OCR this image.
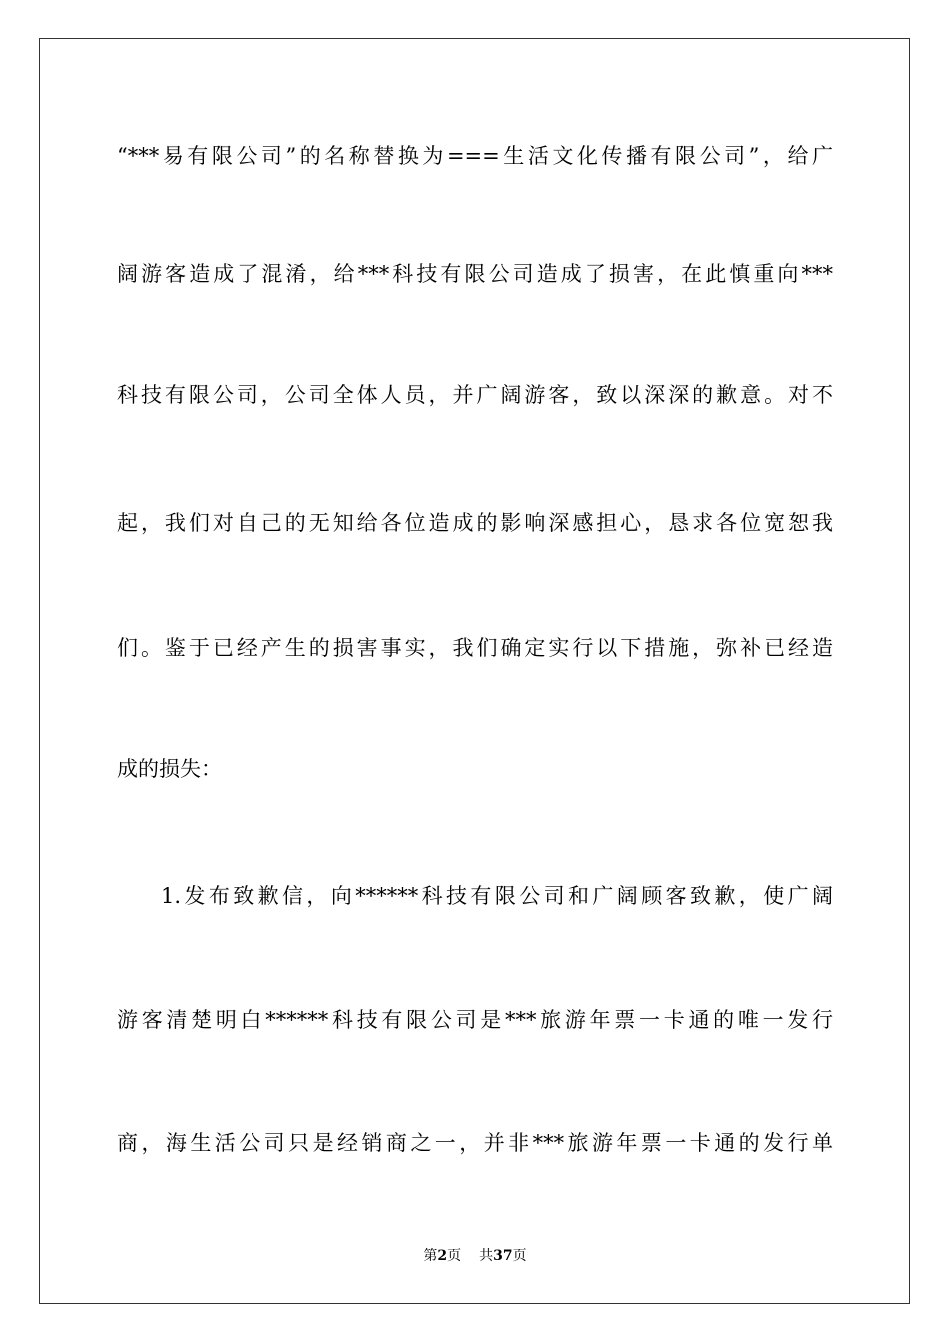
“***易有限公司”的名称替换为===生活文化传播有限公司”，给广
阔游客造成了混淆，给***科技有限公司造成了损害，在此慎重向***
科技有限公司，公司全体人员，并广阔游客，致以深深的歉意。对不
起，我们对自己的无知给各位造成的影响深感担心，恳求各位宽恕我
们。鉴于已经产生的损害事实，我们确定实行以下措施，弥补已经造
成的损失：
1.发布致歉信，向******科技有限公司和广阔顾客致歉，使广阔
游客清楚明白******科技有限公司是***旅游年票一卡通的唯一发行
商，海生活公司只是经销商之一，并非***旅游年票一卡通的发行单
第2页 共37页
